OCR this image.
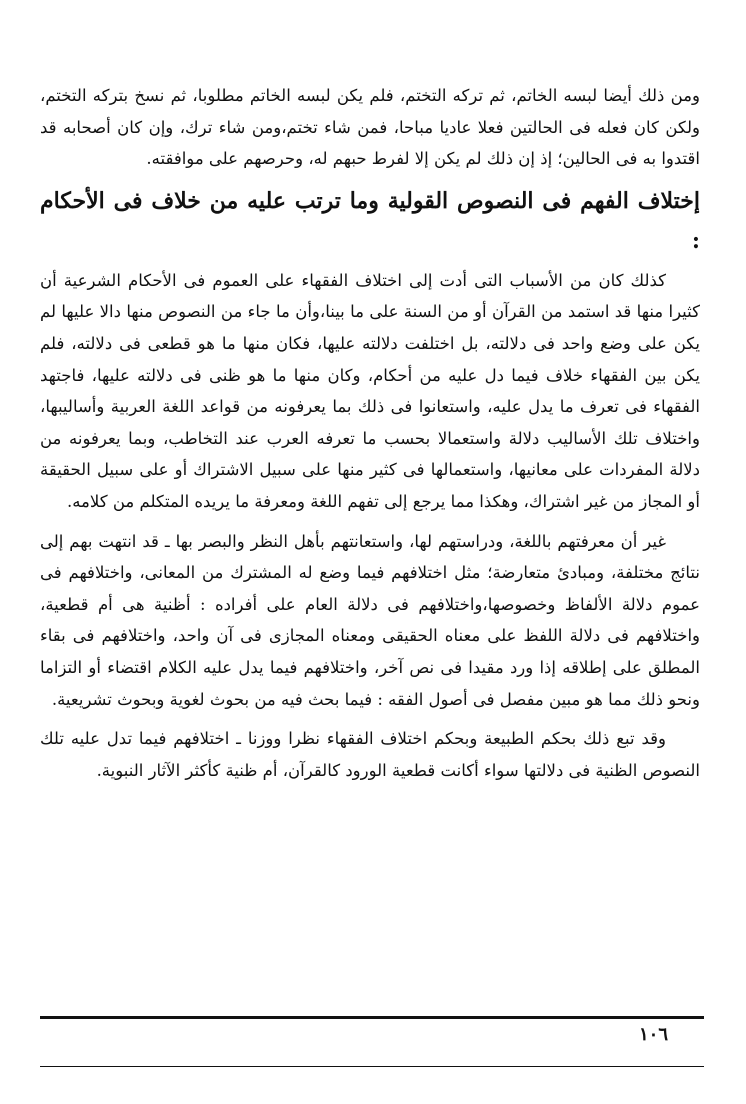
ومن ذلك أيضا لبسه الخاتم، ثم تركه التختم، فلم يكن لبسه الخاتم مطلوبا، ثم نسخ بتركه التختم، ولكن كان فعله فى الحالتين فعلا عاديا مباحا، فمن شاء تختم،ومن شاء ترك، وإن كان أصحابه قد اقتدوا به فى الحالين؛ إذ إن ذلك لم يكن إلا لفرط حبهم له، وحرصهم على موافقته.

إختلاف الفهم فى النصوص القولية وما ترتب عليه من خلاف فى الأحكام :

كذلك كان من الأسباب التى أدت إلى اختلاف الفقهاء على العموم فى الأحكام الشرعية أن كثيرا منها قد استمد من القرآن أو من السنة على ما بينا،وأن ما جاء من النصوص منها دالا عليها لم يكن على وضع واحد فى دلالته، بل اختلفت دلالته عليها، فكان منها ما هو قطعى فى دلالته، فلم يكن بين الفقهاء خلاف فيما دل عليه من أحكام، وكان منها ما هو ظنى فى دلالته عليها، فاجتهد الفقهاء فى تعرف ما يدل عليه، واستعانوا فى ذلك بما يعرفونه من قواعد اللغة العربية وأساليبها، واختلاف تلك الأساليب دلالة واستعمالا بحسب ما تعرفه العرب عند التخاطب، وبما يعرفونه من دلالة المفردات على معانيها، واستعمالها فى كثير منها على سبيل الاشتراك أو على سبيل الحقيقة أو المجاز من غير اشتراك، وهكذا مما يرجع إلى تفهم اللغة ومعرفة ما يريده المتكلم من كلامه.

غير أن معرفتهم باللغة، ودراستهم لها، واستعانتهم بأهل النظر والبصر بها ـ قد انتهت بهم إلى نتائج مختلفة، ومبادئ متعارضة؛ مثل اختلافهم فيما وضع له المشترك من المعانى، واختلافهم فى عموم دلالة الألفاظ وخصوصها،واختلافهم فى دلالة العام على أفراده : أظنية هى أم قطعية، واختلافهم فى دلالة اللفظ على معناه الحقيقى ومعناه المجازى فى آن واحد، واختلافهم فى بقاء المطلق على إطلاقه إذا ورد مقيدا فى نص آخر، واختلافهم فيما يدل عليه الكلام اقتضاء أو التزاما ونحو ذلك مما هو مبين مفصل فى أصول الفقه : فيما بحث فيه من بحوث لغوية وبحوث تشريعية.

وقد تبع ذلك بحكم الطبيعة وبحكم اختلاف الفقهاء نظرا ووزنا ـ اختلافهم فيما تدل عليه تلك النصوص الظنية فى دلالتها سواء أكانت قطعية الورود كالقرآن، أم ظنية كأكثر الآثار النبوية.

١٠٦
